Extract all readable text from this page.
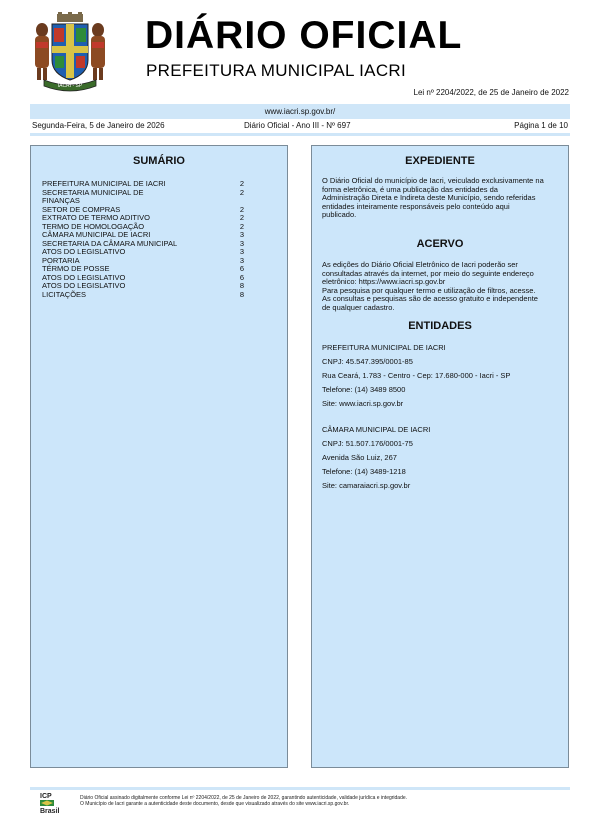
IACRI - SP
DIÁRIO OFICIAL
PREFEITURA MUNICIPAL IACRI
Lei nº 2204/2022, de 25 de Janeiro de 2022
www.iacri.sp.gov.br/
Segunda-Feira, 5 de Janeiro de 2026	Diário Oficial - Ano III - Nº 697	Página 1 de 10
SUMÁRIO
PREFEITURA MUNICIPAL DE IACRI	2
SECRETARIA MUNICIPAL DE	2
FINANÇAS
SETOR DE COMPRAS	2
EXTRATO DE TERMO ADITIVO	2
TERMO DE HOMOLOGAÇÃO	2
CÂMARA MUNICIPAL DE IACRI	3
SECRETARIA DA CÂMARA MUNICIPAL	3
ATOS DO LEGISLATIVO	3
PORTARIA	3
TÉRMO DE POSSE	6
ATOS DO LEGISLATIVO	6
ATOS DO LEGISLATIVO	8
LICITAÇÕES	8
EXPEDIENTE

O Diário Oficial do município de Iacri, veiculado exclusivamente na

forma eletrônica, é uma publicação das entidades da

Administração Direta e Indireta deste Município, sendo referidas

entidades inteiramente responsáveis pelo conteúdo aqui

publicado.

ACERVO

As edições do Diário Oficial Eletrônico de Iacri poderão ser

consultadas através da internet, por meio do seguinte endereço

eletrônico: https://www.iacri.sp.gov.br

Para pesquisa por qualquer termo e utilização de filtros, acesse.

As consultas e pesquisas são de acesso gratuito e independente

de qualquer cadastro.

ENTIDADES
PREFEITURA MUNICIPAL DE IACRI
CNPJ: 45.547.395/0001-85
Rua Ceará, 1.783 - Centro - Cep: 17.680-000 - Iacri - SP
Telefone: (14) 3489 8500
Site: www.iacri.sp.gov.br
CÂMARA MUNICIPAL DE IACRI
CNPJ: 51.507.176/0001-75
Avenida São Luiz, 267
Telefone: (14) 3489-1218
Site: camaraiacri.sp.gov.br
ICP
Brasil
Diário Oficial assinado digitalmente conforme Lei nº 2204/2022, de 25 de Janeiro de 2022, garantindo autenticidade, validade jurídica e integridade.
O Município de Iacri garante a autenticidade deste documento, desde que visualizado através do site www.iacri.sp.gov.br.
